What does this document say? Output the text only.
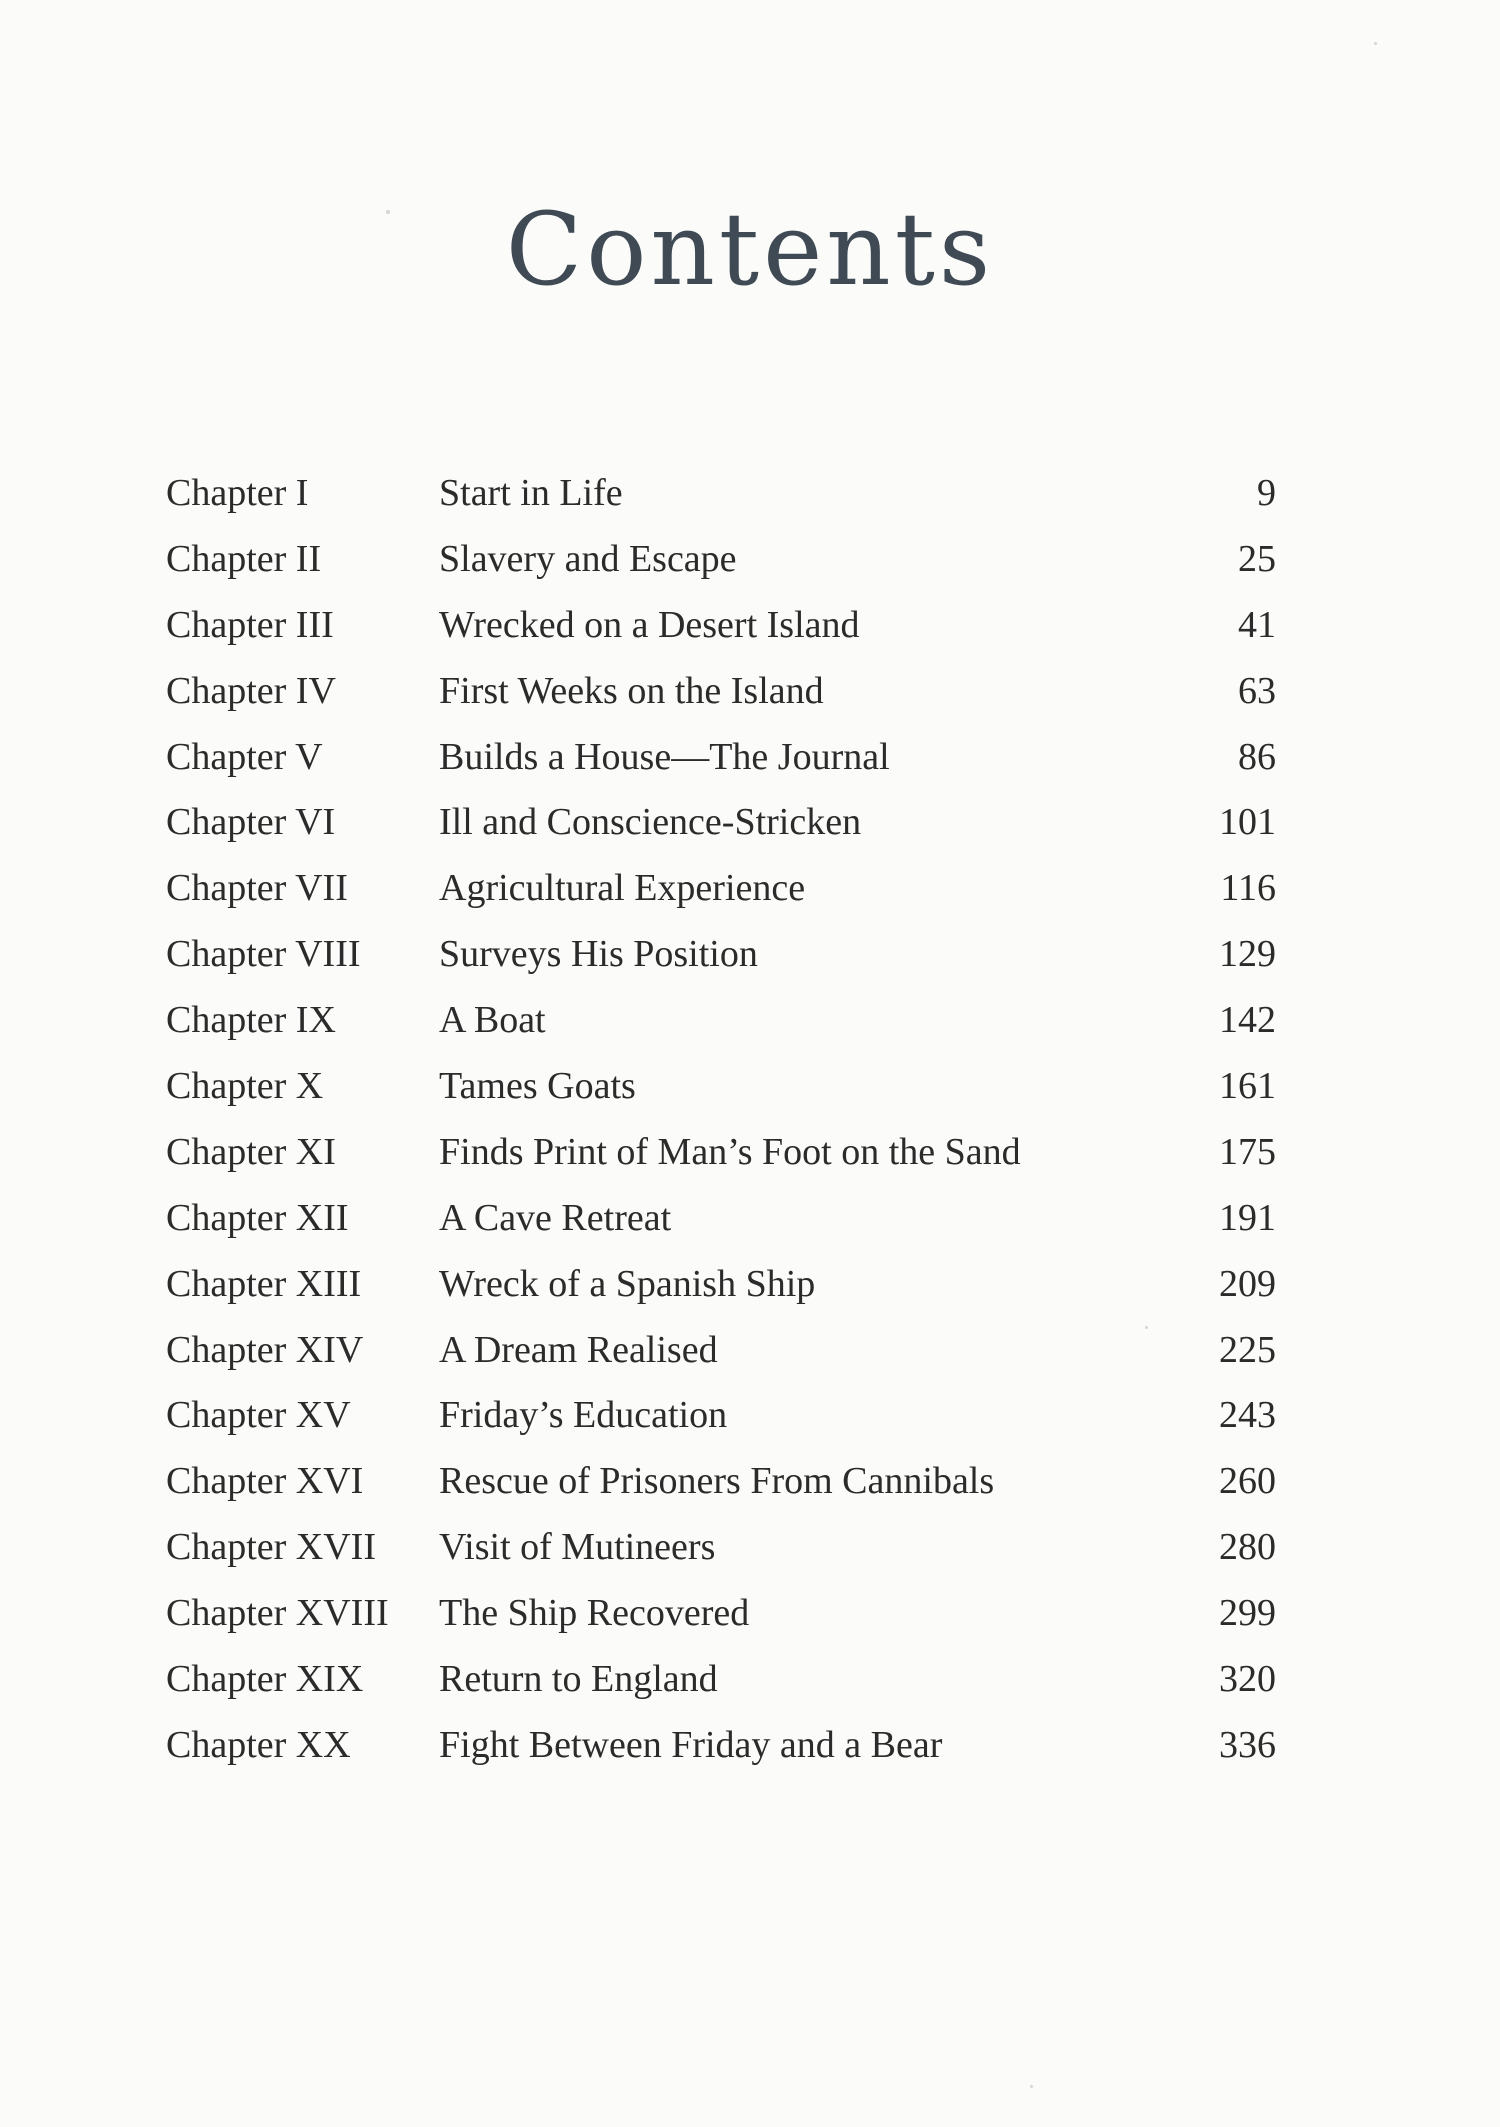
Contents
Chapter I	Start in Life	9
Chapter II	Slavery and Escape	25
Chapter III	Wrecked on a Desert Island	41
Chapter IV	First Weeks on the Island	63
Chapter V	Builds a House—The Journal	86
Chapter VI	Ill and Conscience-Stricken	101
Chapter VII Agricultural Experience	116
Chapter VIII Surveys His Position	129
Chapter IX	A Boat	142
Chapter X	Tames Goats	161
Chapter XI	Finds Print of Man’s Foot on the Sand	175
Chapter XII A Cave Retreat	191
Chapter XIII Wreck of a Spanish Ship	209
Chapter XIV A Dream Realised	225
Chapter XV Friday’s Education	243
Chapter XVI Rescue of Prisoners From Cannibals	260
Chapter XVII Visit of Mutineers	280
Chapter XVIII The Ship Recovered	299
Chapter XIX Return to England	320
Chapter XX Fight Between Friday and a Bear	336
